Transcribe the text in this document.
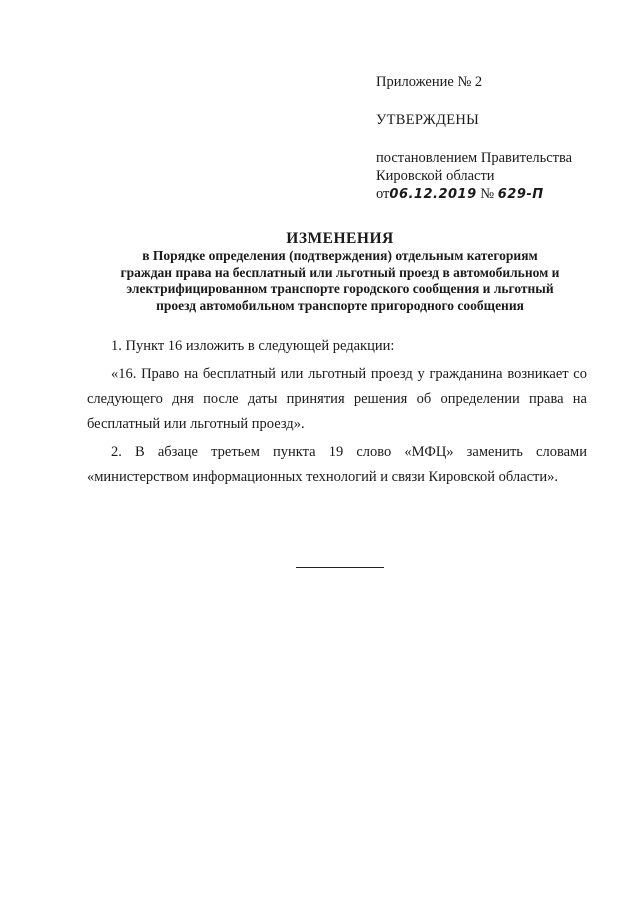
Приложение № 2

УТВЕРЖДЕНЫ

постановлением Правительства

Кировской области

от06.12.2019 № 629-П

ИЗМЕНЕНИЯ
в Порядке определения (подтверждения) отдельным категориям
граждан права на бесплатный или льготный проезд в автомобильном и
электрифицированном транспорте городского сообщения и льготный
проезд автомобильном транспорте пригородного сообщения

1. Пункт 16 изложить в следующей редакции:

«16. Право на бесплатный или льготный проезд у гражданина возникает со следующего дня после даты принятия решения об определении права на бесплатный или льготный проезд».

2. В абзаце третьем пункта 19 слово «МФЦ» заменить словами «министерством информационных технологий и связи Кировской области».
